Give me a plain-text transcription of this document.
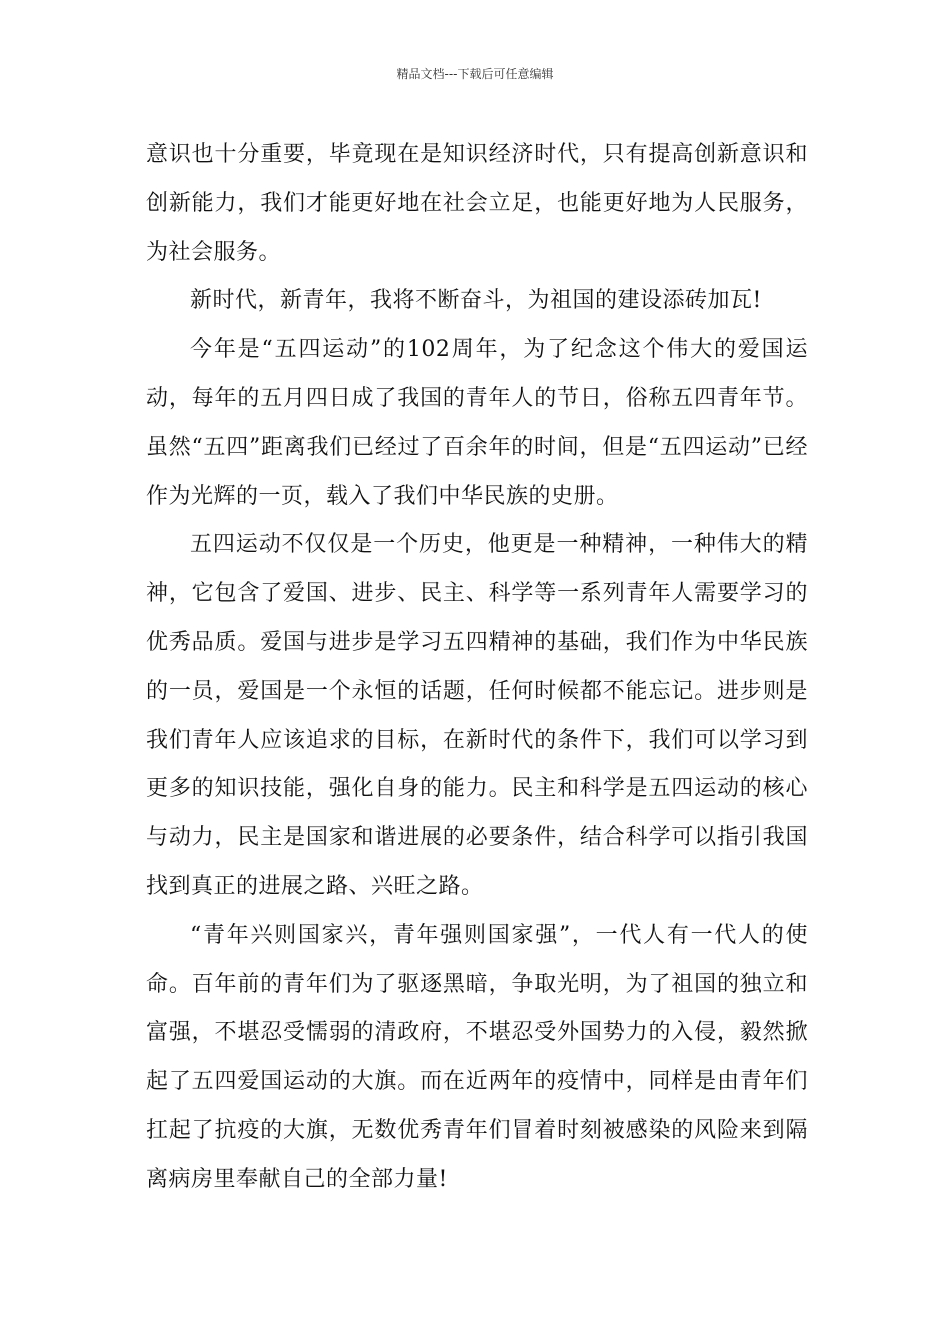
精品文档---下载后可任意编辑

意识也十分重要，毕竟现在是知识经济时代，只有提高创新意识和创新能力，我们才能更好地在社会立足，也能更好地为人民服务，为社会服务。

新时代，新青年，我将不断奋斗，为祖国的建设添砖加瓦!

今年是“五四运动”的102周年，为了纪念这个伟大的爱国运动，每年的五月四日成了我国的青年人的节日，俗称五四青年节。虽然“五四”距离我们已经过了百余年的时间，但是“五四运动”已经作为光辉的一页，载入了我们中华民族的史册。

五四运动不仅仅是一个历史，他更是一种精神，一种伟大的精神，它包含了爱国、进步、民主、科学等一系列青年人需要学习的优秀品质。爱国与进步是学习五四精神的基础，我们作为中华民族的一员，爱国是一个永恒的话题，任何时候都不能忘记。进步则是我们青年人应该追求的目标，在新时代的条件下，我们可以学习到更多的知识技能，强化自身的能力。民主和科学是五四运动的核心与动力，民主是国家和谐进展的必要条件，结合科学可以指引我国找到真正的进展之路、兴旺之路。

“青年兴则国家兴，青年强则国家强”，一代人有一代人的使命。百年前的青年们为了驱逐黑暗，争取光明，为了祖国的独立和富强，不堪忍受懦弱的清政府，不堪忍受外国势力的入侵，毅然掀起了五四爱国运动的大旗。而在近两年的疫情中，同样是由青年们扛起了抗疫的大旗，无数优秀青年们冒着时刻被感染的风险来到隔离病房里奉献自己的全部力量!
